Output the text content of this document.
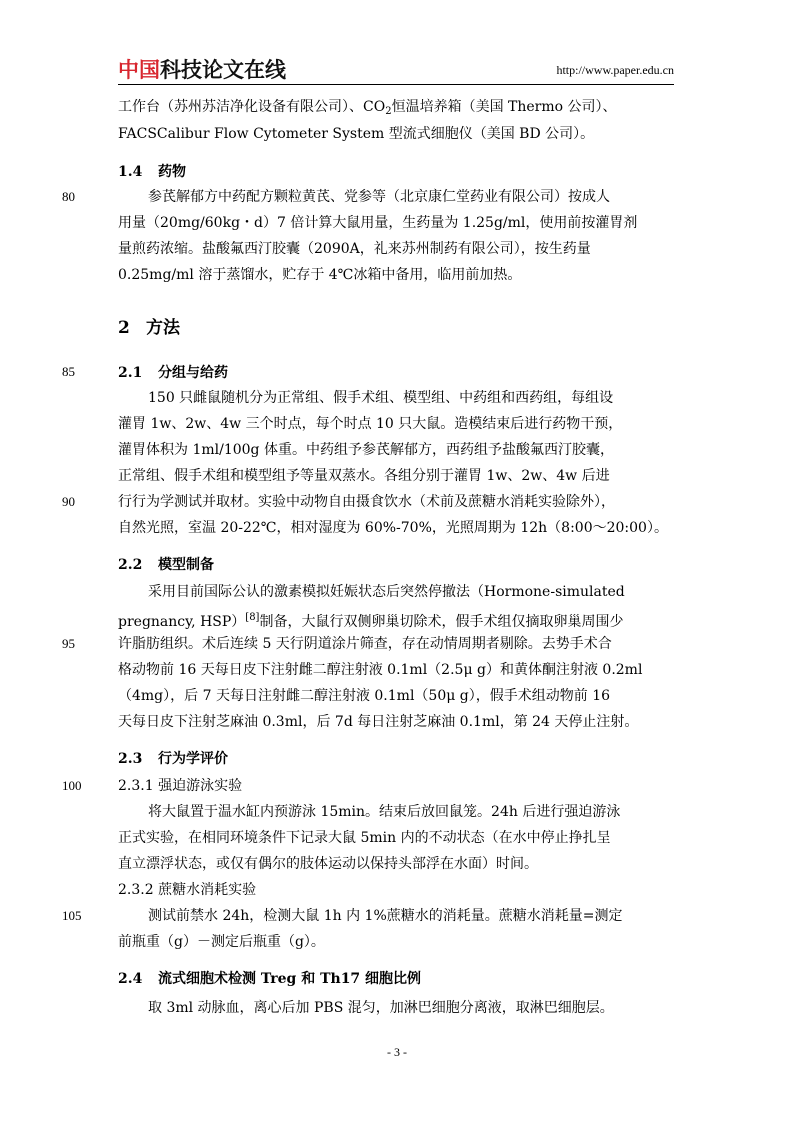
中国科技论文在线	http://www.paper.edu.cn
工作台（苏州苏洁净化设备有限公司）、$CO_2$恒温培养箱（美国 Thermo 公司）、
FACSCalibur Flow Cytometer System 型流式细胞仪（美国 BD 公司）。
1.4 药物
80	参芪解郁方中药配方颗粒黄芪、党参等（北京康仁堂药业有限公司）按成人
用量（20mg/60kg・d）7 倍计算大鼠用量，生药量为 1.25g/ml，使用前按灌胃剂
量煎药浓缩。盐酸氟西汀胶囊（2090A，礼来苏州制药有限公司），按生药量
0.25mg/ml 溶于蒸馏水，贮存于 4℃冰箱中备用，临用前加热。
2 方法
85	2.1 分组与给药
150 只雌鼠随机分为正常组、假手术组、模型组、中药组和西药组，每组设
灌胃 1w、2w、4w 三个时点，每个时点 10 只大鼠。造模结束后进行药物干预，
灌胃体积为 1ml/100g 体重。中药组予参芪解郁方，西药组予盐酸氟西汀胶囊，
正常组、假手术组和模型组予等量双蒸水。各组分别于灌胃 1w、2w、4w 后进
90	行行为学测试并取材。实验中动物自由摄食饮水（术前及蔗糖水消耗实验除外），
自然光照，室温 20-22℃，相对湿度为 60%-70%，光照周期为 12h（8:00～20:00）。
2.2 模型制备
采用目前国际公认的激素模拟妊娠状态后突然停撤法（Hormone-simulated
pregnancy, HSP）[8]制备，大鼠行双侧卵巢切除术，假手术组仅摘取卵巢周围少
95	许脂肪组织。术后连续 5 天行阴道涂片筛查，存在动情周期者剔除。去势手术合
格动物前 16 天每日皮下注射雌二醇注射液 0.1ml（2.5μ g）和黄体酮注射液 0.2ml
（4mg），后 7 天每日注射雌二醇注射液 0.1ml（50μ g），假手术组动物前 16
天每日皮下注射芝麻油 0.3ml，后 7d 每日注射芝麻油 0.1ml，第 24 天停止注射。
2.3 行为学评价
100	2.3.1 强迫游泳实验
将大鼠置于温水缸内预游泳 15min。结束后放回鼠笼。24h 后进行强迫游泳
正式实验，在相同环境条件下记录大鼠 5min 内的不动状态（在水中停止挣扎呈
直立漂浮状态，或仅有偶尔的肢体运动以保持头部浮在水面）时间。
2.3.2 蔗糖水消耗实验
105	测试前禁水 24h，检测大鼠 1h 内 1%蔗糖水的消耗量。蔗糖水消耗量=测定
前瓶重（g）－测定后瓶重（g）。
2.4 流式细胞术检测 Treg 和 Th17 细胞比例
取 3ml 动脉血，离心后加 PBS 混匀，加淋巴细胞分离液，取淋巴细胞层。
- 3 -
